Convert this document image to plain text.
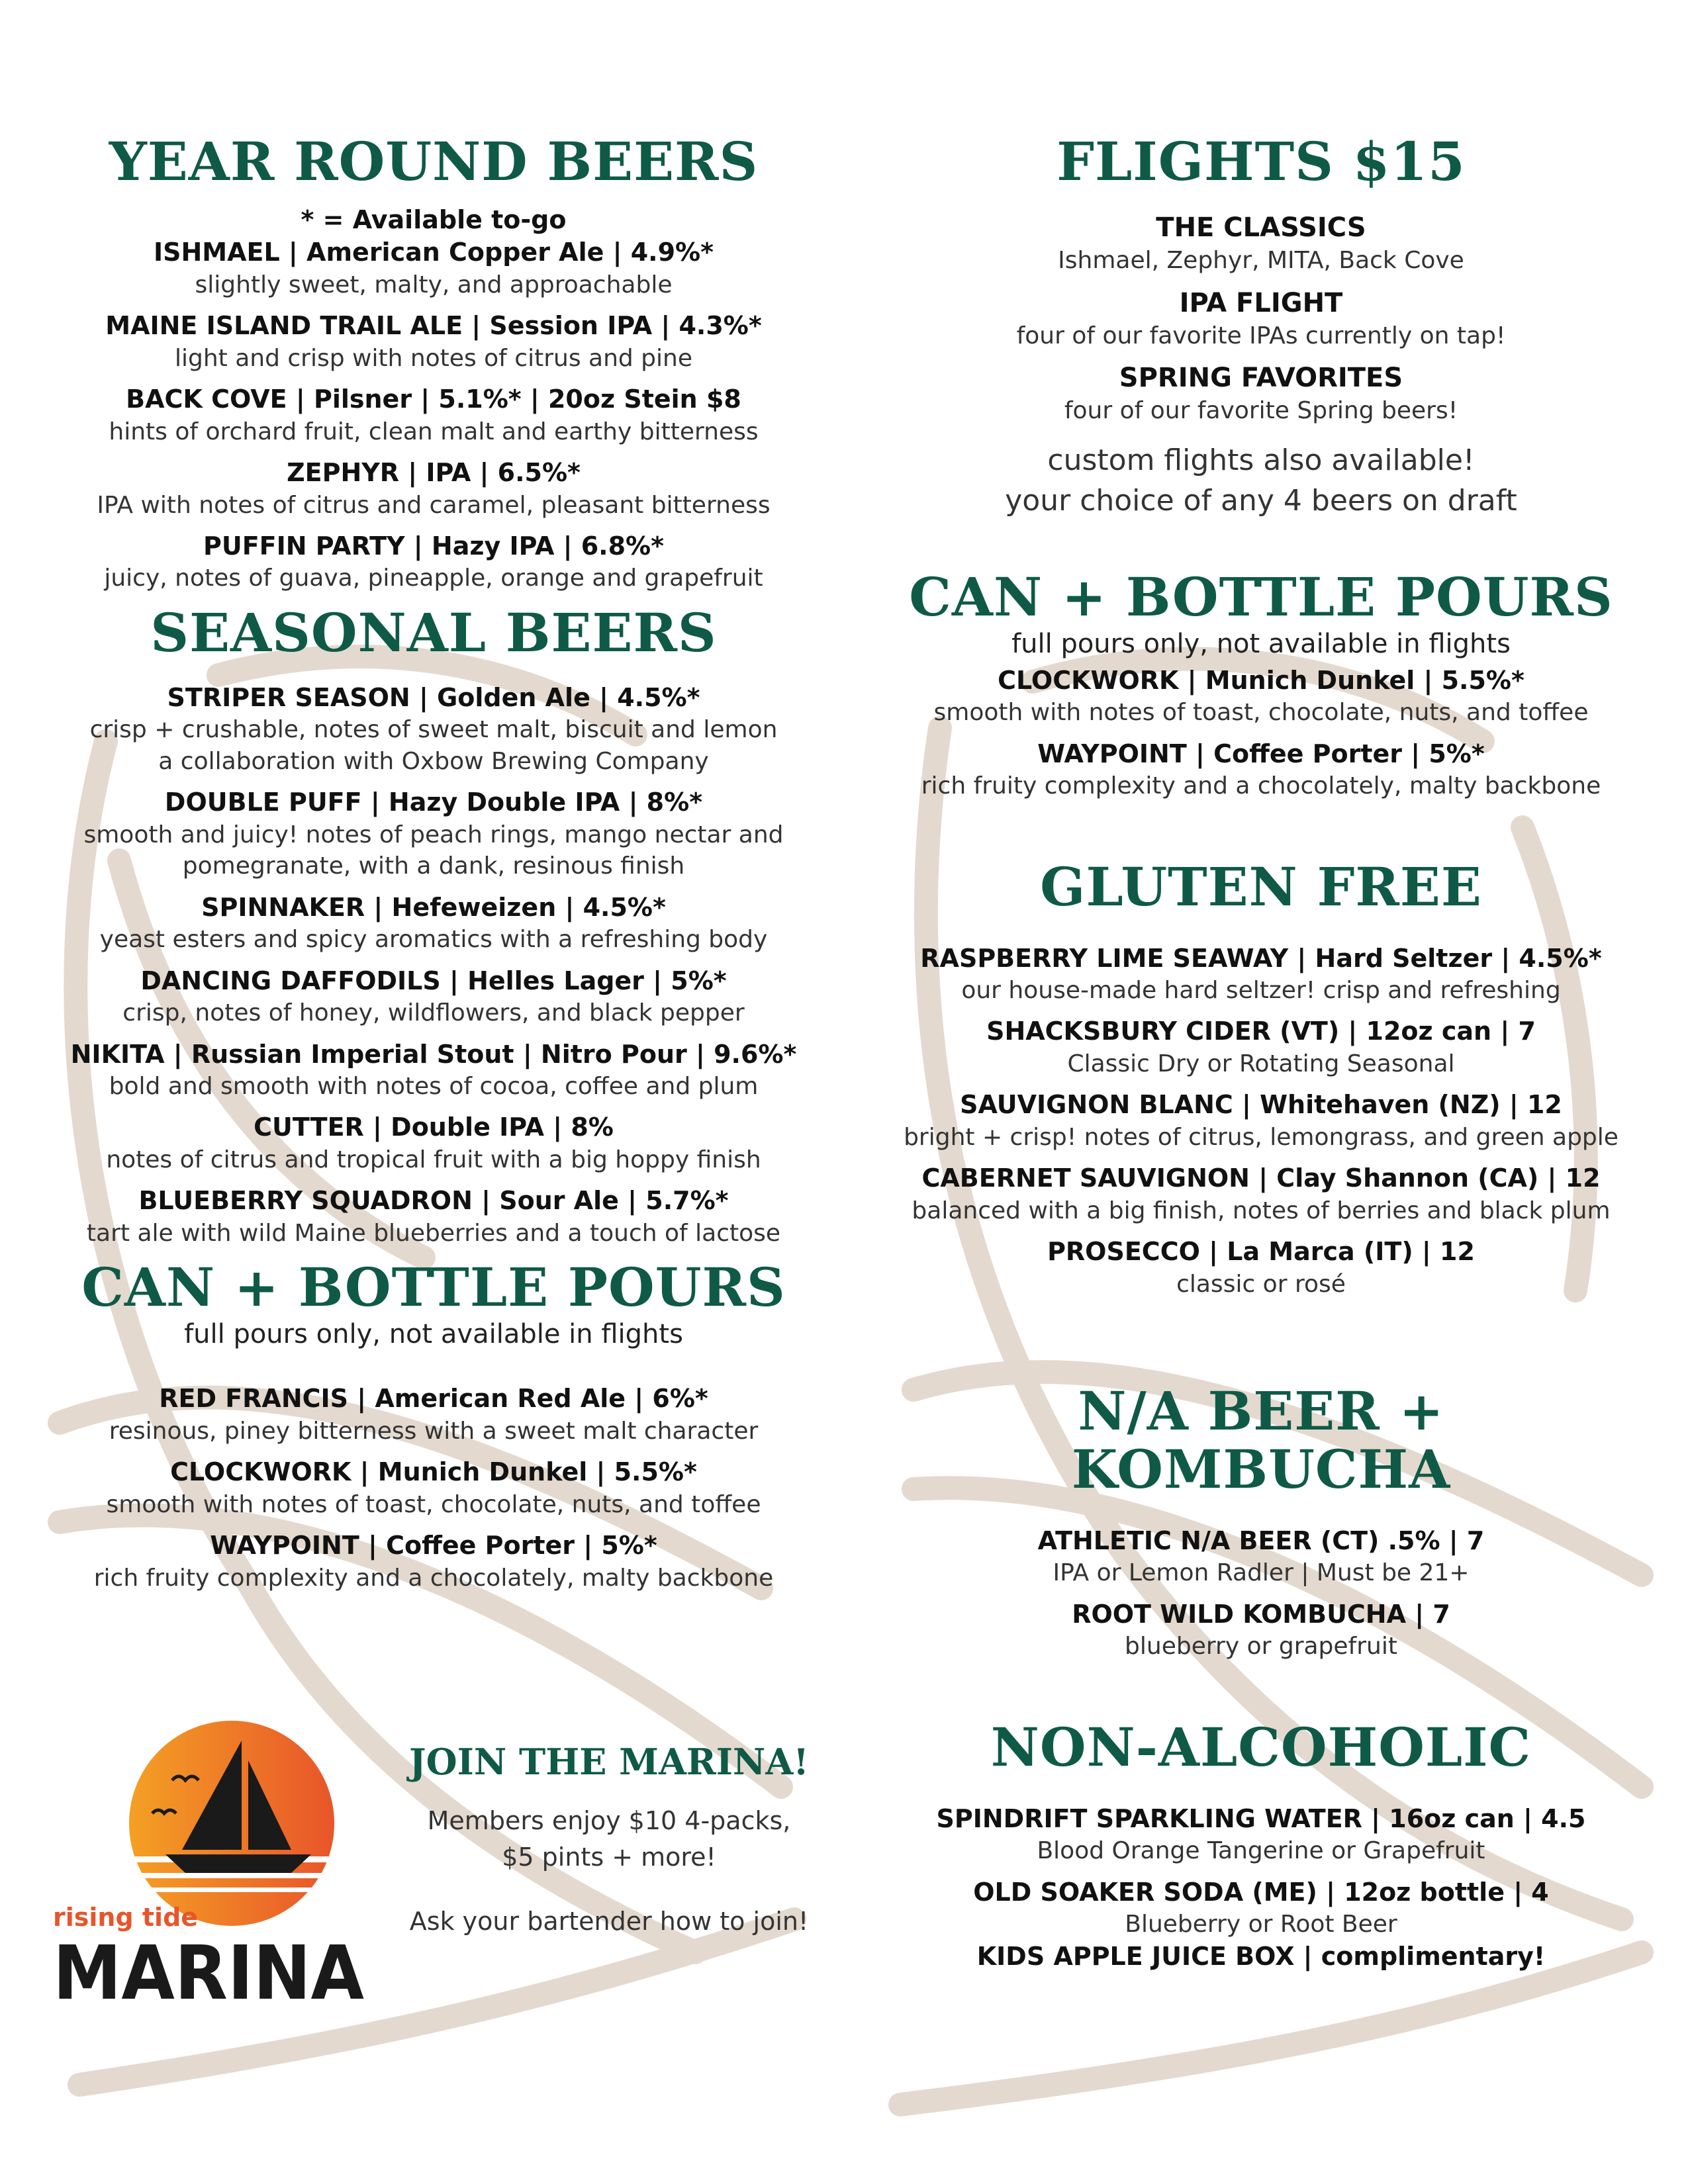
YEAR ROUND BEERS
* = Available to-go
ISHMAEL | American Copper Ale | 4.9%*
slightly sweet, malty, and approachable
MAINE ISLAND TRAIL ALE | Session IPA | 4.3%*
light and crisp with notes of citrus and pine
BACK COVE | Pilsner | 5.1%* | 20oz Stein $8
hints of orchard fruit, clean malt and earthy bitterness
ZEPHYR | IPA | 6.5%*
IPA with notes of citrus and caramel, pleasant bitterness
PUFFIN PARTY | Hazy IPA | 6.8%*
juicy, notes of guava, pineapple, orange and grapefruit
SEASONAL BEERS
STRIPER SEASON | Golden Ale | 4.5%*
crisp + crushable, notes of sweet malt, biscuit and lemon
a collaboration with Oxbow Brewing Company
DOUBLE PUFF | Hazy Double IPA | 8%*
smooth and juicy! notes of peach rings, mango nectar and
pomegranate, with a dank, resinous finish
SPINNAKER | Hefeweizen | 4.5%*
yeast esters and spicy aromatics with a refreshing body
DANCING DAFFODILS | Helles Lager | 5%*
crisp, notes of honey, wildflowers, and black pepper
NIKITA | Russian Imperial Stout | Nitro Pour | 9.6%*
bold and smooth with notes of cocoa, coffee and plum
CUTTER | Double IPA | 8%
notes of citrus and tropical fruit with a big hoppy finish
BLUEBERRY SQUADRON | Sour Ale | 5.7%*
tart ale with wild Maine blueberries and a touch of lactose
CAN + BOTTLE POURS
full pours only, not available in flights
RED FRANCIS | American Red Ale | 6%*
resinous, piney bitterness with a sweet malt character
CLOCKWORK | Munich Dunkel | 5.5%*
smooth with notes of toast, chocolate, nuts, and toffee
WAYPOINT | Coffee Porter | 5%*
rich fruity complexity and a chocolately, malty backbone
rising tide
MARINA
JOIN THE MARINA!
Members enjoy $10 4-packs,
$5 pints + more!
Ask your bartender how to join!
FLIGHTS $15
THE CLASSICS
Ishmael, Zephyr, MITA, Back Cove
IPA FLIGHT
four of our favorite IPAs currently on tap!
SPRING FAVORITES
four of our favorite Spring beers!
custom flights also available!
your choice of any 4 beers on draft
CAN + BOTTLE POURS
full pours only, not available in flights
CLOCKWORK | Munich Dunkel | 5.5%*
smooth with notes of toast, chocolate, nuts, and toffee
WAYPOINT | Coffee Porter | 5%*
rich fruity complexity and a chocolately, malty backbone
GLUTEN FREE
RASPBERRY LIME SEAWAY | Hard Seltzer | 4.5%*
our house-made hard seltzer! crisp and refreshing
SHACKSBURY CIDER (VT) | 12oz can | 7
Classic Dry or Rotating Seasonal
SAUVIGNON BLANC | Whitehaven (NZ) | 12
bright + crisp! notes of citrus, lemongrass, and green apple
CABERNET SAUVIGNON | Clay Shannon (CA) | 12
balanced with a big finish, notes of berries and black plum
PROSECCO | La Marca (IT) | 12
classic or rosé
N/A BEER + KOMBUCHA
ATHLETIC N/A BEER (CT) .5% | 7
IPA or Lemon Radler | Must be 21+
ROOT WILD KOMBUCHA | 7
blueberry or grapefruit
NON-ALCOHOLIC
SPINDRIFT SPARKLING WATER | 16oz can | 4.5
Blood Orange Tangerine or Grapefruit
OLD SOAKER SODA (ME) | 12oz bottle | 4
Blueberry or Root Beer
KIDS APPLE JUICE BOX | complimentary!
